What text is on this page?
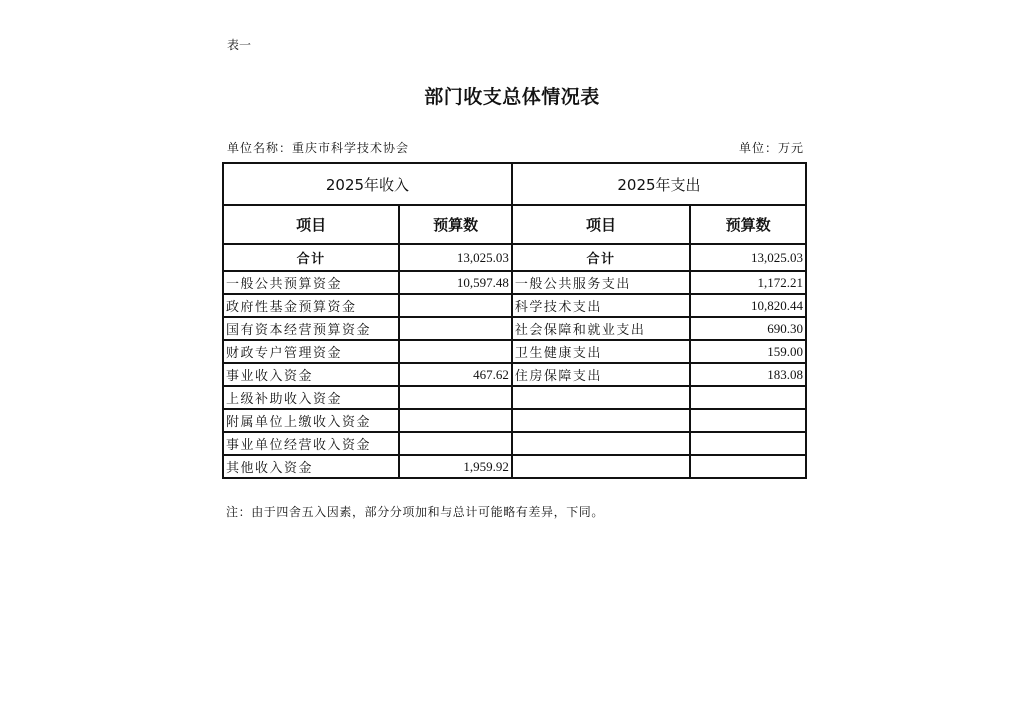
表一
部门收支总体情况表
单位名称：重庆市科学技术协会	单位：万元
2025年收入		2025年支出	
项目	预算数	项目	预算数
合计	13,025.03	合计	13,025.03
一般公共预算资金	10,597.48	一般公共服务支出	1,172.21
政府性基金预算资金		科学技术支出	10,820.44
国有资本经营预算资金		社会保障和就业支出	690.30
财政专户管理资金		卫生健康支出	159.00
事业收入资金	467.62	住房保障支出	183.08
上级补助收入资金			
附属单位上缴收入资金			
事业单位经营收入资金			
其他收入资金	1,959.92		
注：由于四舍五入因素，部分分项加和与总计可能略有差异，下同。
